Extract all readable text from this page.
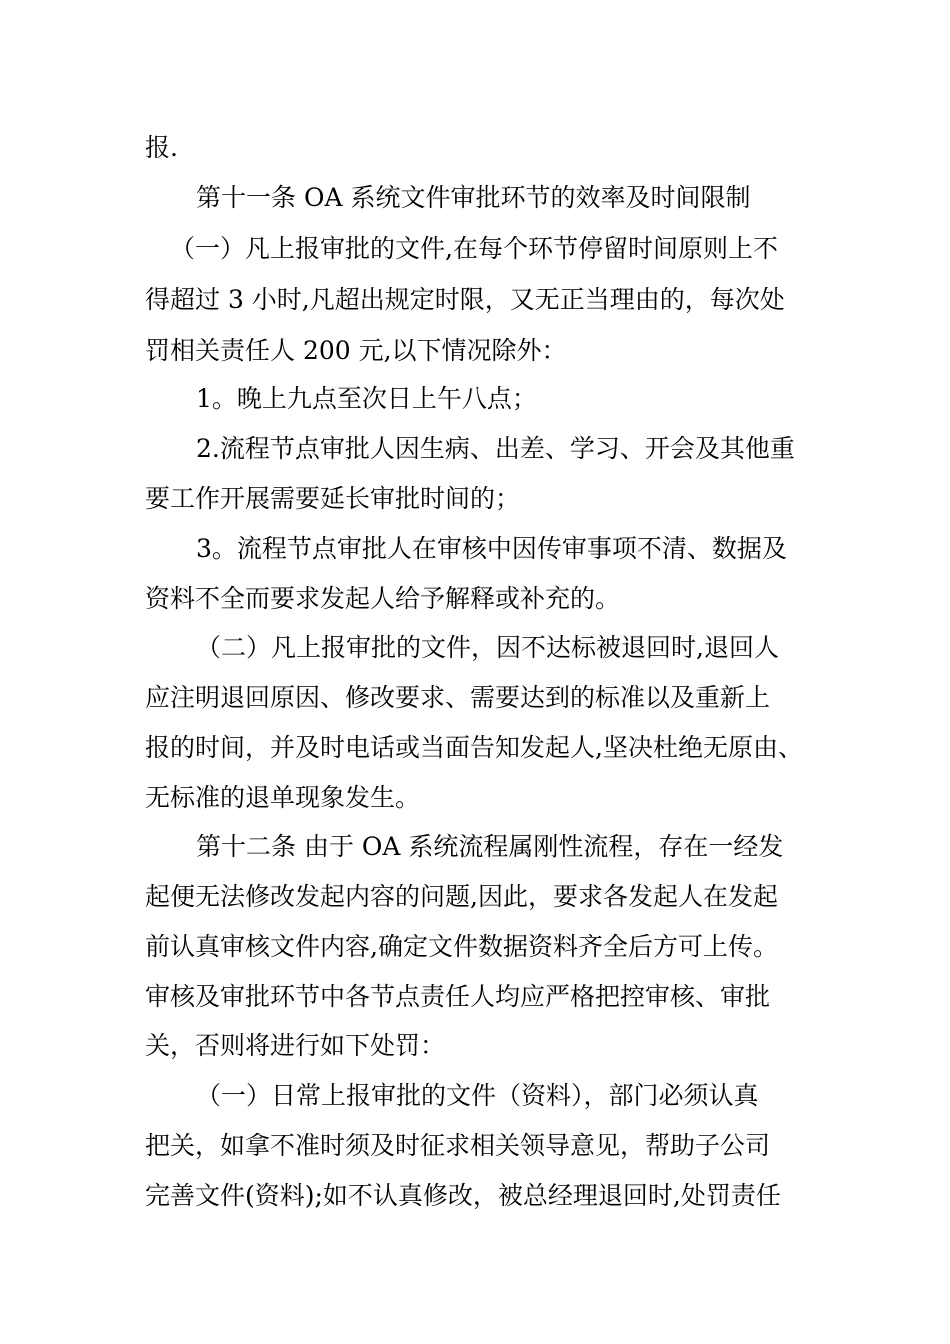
报.

第十一条 OA 系统文件审批环节的效率及时间限制

（一）凡上报审批的文件,在每个环节停留时间原则上不

得超过 3 小时,凡超出规定时限，又无正当理由的，每次处

罚相关责任人 200 元,以下情况除外：

1。晚上九点至次日上午八点；

2.流程节点审批人因生病、出差、学习、开会及其他重

要工作开展需要延长审批时间的；

3。流程节点审批人在审核中因传审事项不清、数据及

资料不全而要求发起人给予解释或补充的。

（二）凡上报审批的文件，因不达标被退回时,退回人

应注明退回原因、修改要求、需要达到的标准以及重新上

报的时间，并及时电话或当面告知发起人,坚决杜绝无原由、

无标准的退单现象发生。

第十二条 由于 OA 系统流程属刚性流程，存在一经发

起便无法修改发起内容的问题,因此，要求各发起人在发起

前认真审核文件内容,确定文件数据资料齐全后方可上传。

审核及审批环节中各节点责任人均应严格把控审核、审批

关，否则将进行如下处罚：

（一）日常上报审批的文件（资料），部门必须认真

把关，如拿不准时须及时征求相关领导意见，帮助子公司

完善文件(资料);如不认真修改，被总经理退回时,处罚责任
